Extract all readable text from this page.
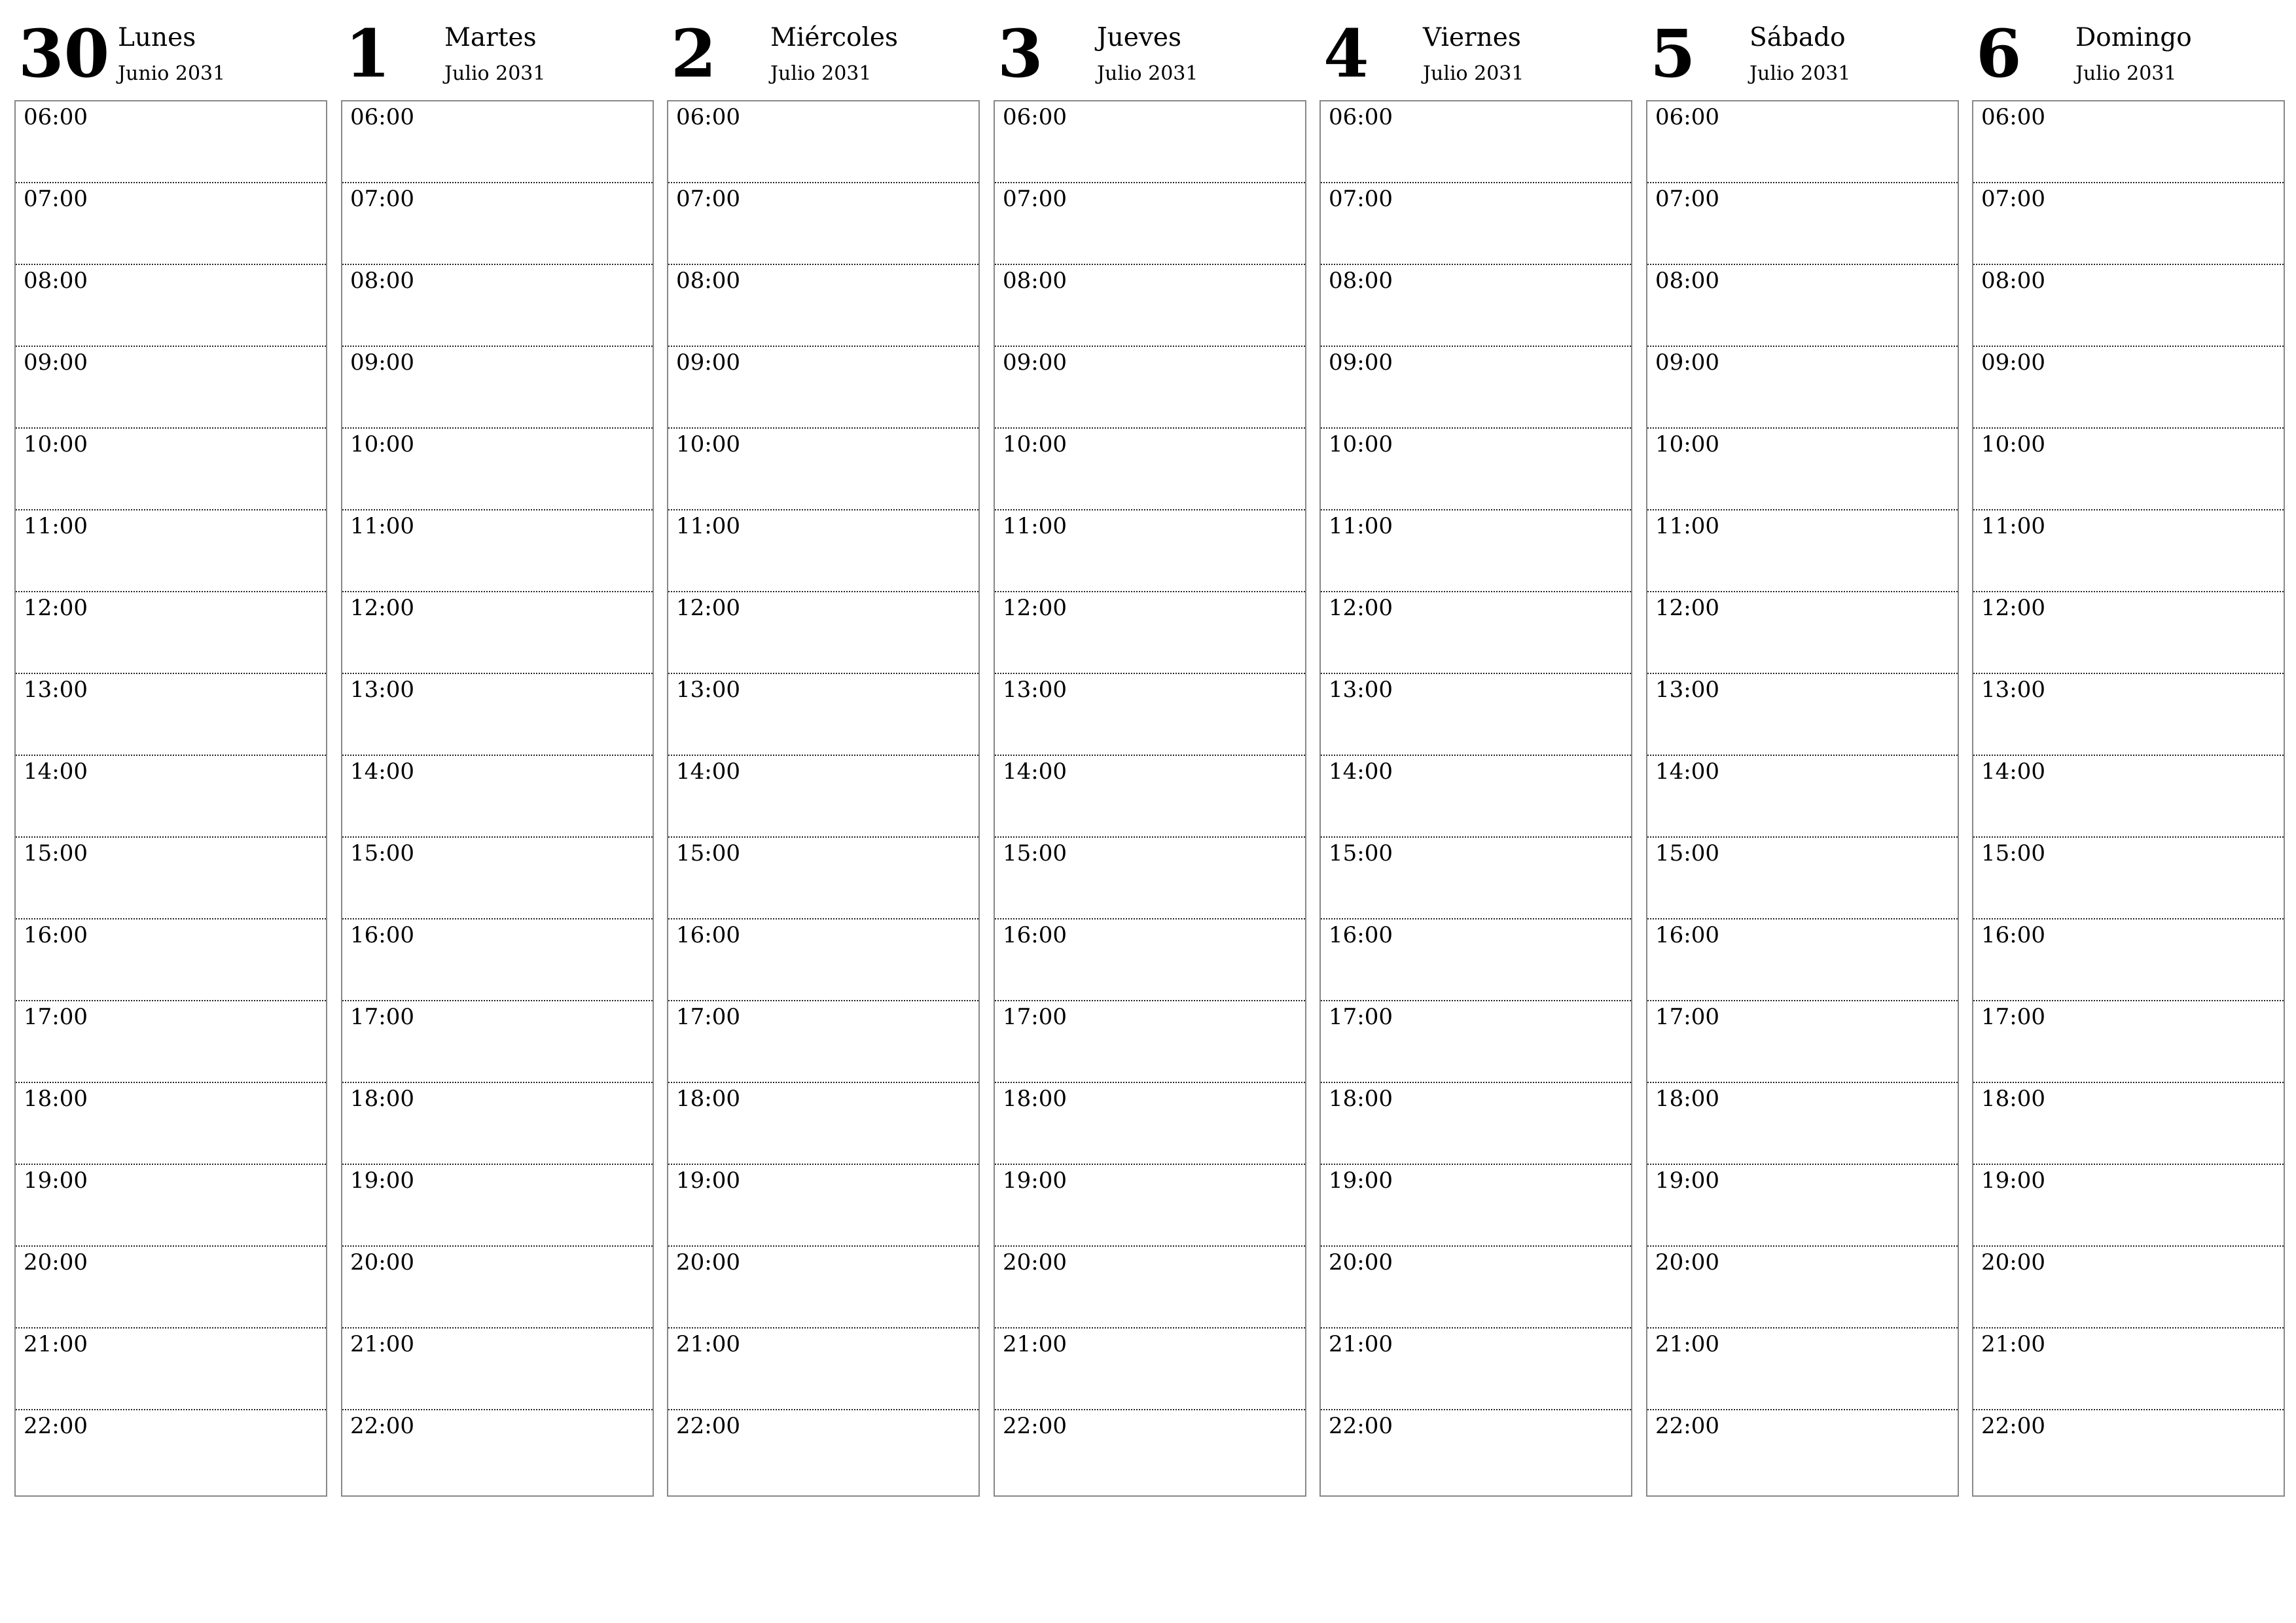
30 Lunes
Junio 2031
06:00
07:00
08:00
09:00
10:00
11:00
12:00
13:00
14:00
15:00
16:00
17:00
18:00
19:00
20:00
21:00
22:00
1 Martes
Julio 2031
06:00
07:00
08:00
09:00
10:00
11:00
12:00
13:00
14:00
15:00
16:00
17:00
18:00
19:00
20:00
21:00
22:00
2 Miércoles
Julio 2031
06:00
07:00
08:00
09:00
10:00
11:00
12:00
13:00
14:00
15:00
16:00
17:00
18:00
19:00
20:00
21:00
22:00
3 Jueves
Julio 2031
06:00
07:00
08:00
09:00
10:00
11:00
12:00
13:00
14:00
15:00
16:00
17:00
18:00
19:00
20:00
21:00
22:00
4 Viernes
Julio 2031
06:00
07:00
08:00
09:00
10:00
11:00
12:00
13:00
14:00
15:00
16:00
17:00
18:00
19:00
20:00
21:00
22:00
5 Sábado
Julio 2031
06:00
07:00
08:00
09:00
10:00
11:00
12:00
13:00
14:00
15:00
16:00
17:00
18:00
19:00
20:00
21:00
22:00
6 Domingo
Julio 2031
06:00
07:00
08:00
09:00
10:00
11:00
12:00
13:00
14:00
15:00
16:00
17:00
18:00
19:00
20:00
21:00
22:00
